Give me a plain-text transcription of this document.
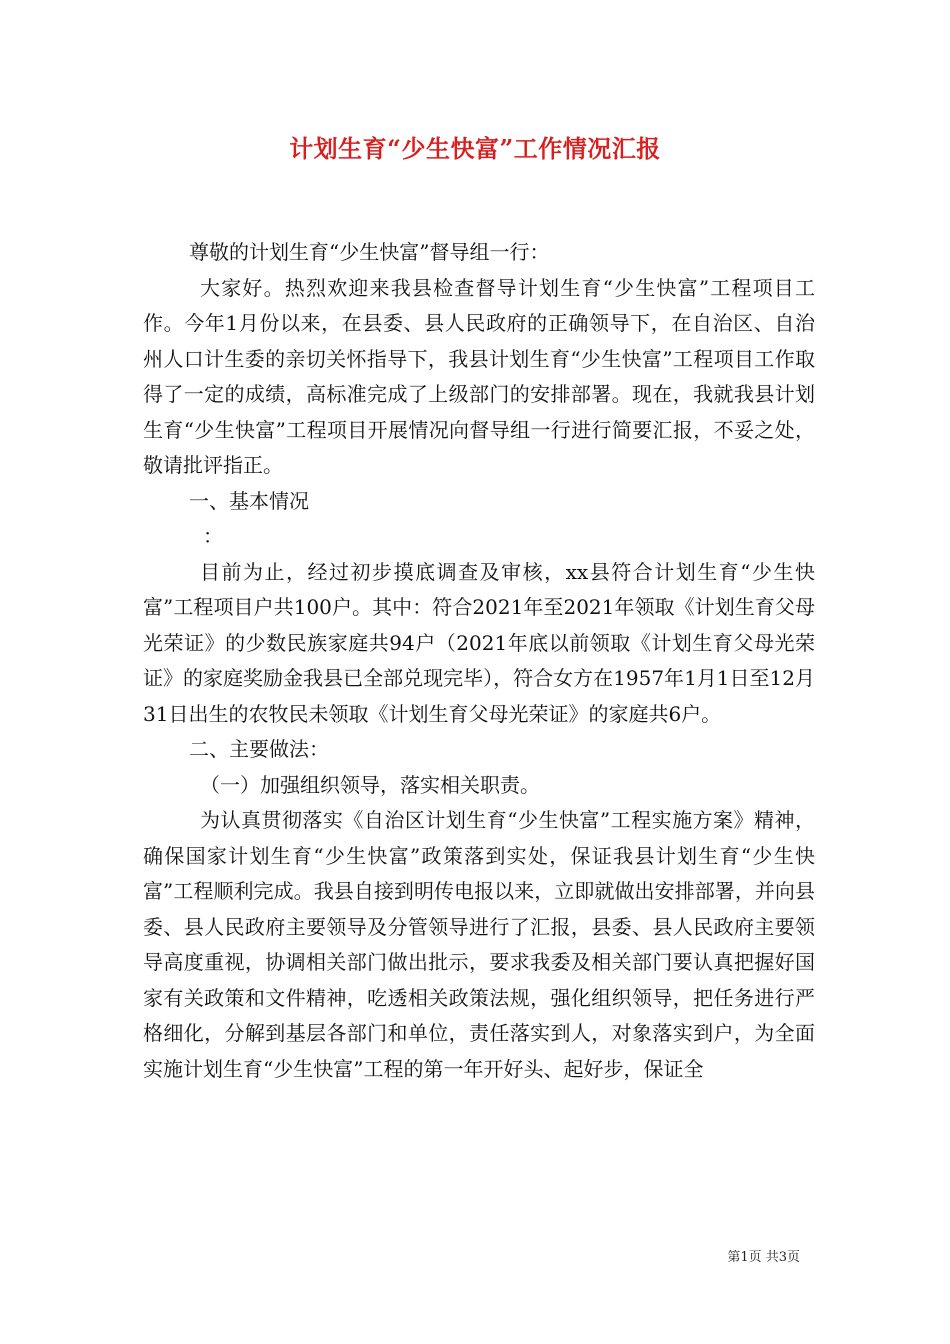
计划生育“少生快富”工作情况汇报

尊敬的计划生育“少生快富”督导组一行：

大家好。热烈欢迎来我县检查督导计划生育“少生快富”工程项目工作。今年1月份以来，在县委、县人民政府的正确领导下，在自治区、自治州人口计生委的亲切关怀指导下，我县计划生育“少生快富”工程项目工作取得了一定的成绩，高标准完成了上级部门的安排部署。现在，我就我县计划生育“少生快富”工程项目开展情况向督导组一行进行简要汇报，不妥之处，敬请批评指正。

一、基本情况

：

目前为止，经过初步摸底调查及审核，xx县符合计划生育“少生快富”工程项目户共100户。其中：符合2021年至2021年领取《计划生育父母光荣证》的少数民族家庭共94户（2021年底以前领取《计划生育父母光荣证》的家庭奖励金我县已全部兑现完毕），符合女方在1957年1月1日至12月31日出生的农牧民未领取《计划生育父母光荣证》的家庭共6户。

二、主要做法：

（一）加强组织领导，落实相关职责。

为认真贯彻落实《自治区计划生育“少生快富”工程实施方案》精神，确保国家计划生育“少生快富”政策落到实处，保证我县计划生育“少生快富”工程顺利完成。我县自接到明传电报以来，立即就做出安排部署，并向县委、县人民政府主要领导及分管领导进行了汇报，县委、县人民政府主要领导高度重视，协调相关部门做出批示，要求我委及相关部门要认真把握好国家有关政策和文件精神，吃透相关政策法规，强化组织领导，把任务进行严格细化，分解到基层各部门和单位，责任落实到人，对象落实到户，为全面实施计划生育“少生快富”工程的第一年开好头、起好步，保证全

第1页 共3页
